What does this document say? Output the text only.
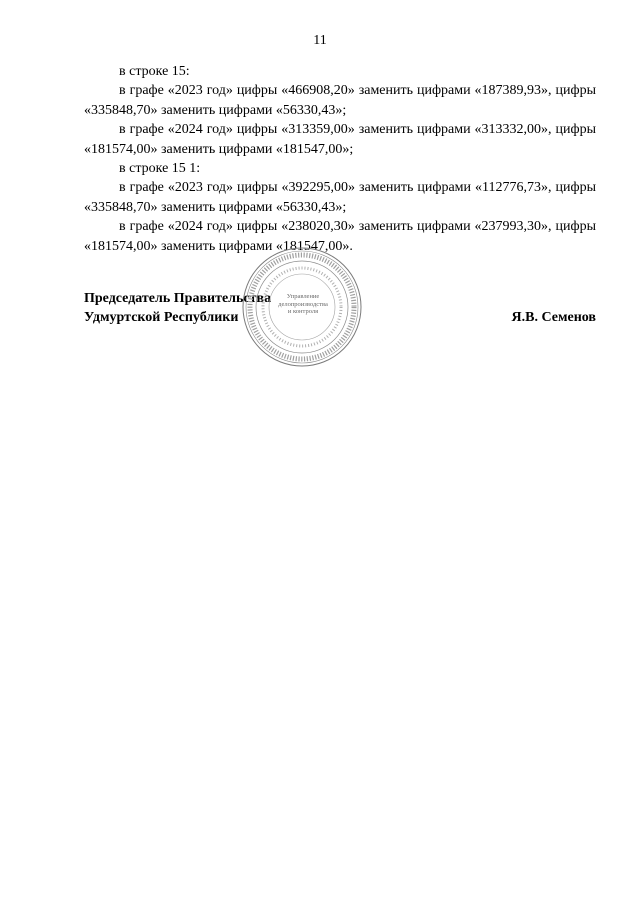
11

в строке 15:

в графе «2023 год» цифры «466908,20» заменить цифрами «187389,93», цифры «335848,70» заменить цифрами «56330,43»;

в графе «2024 год» цифры «313359,00» заменить цифрами «313332,00», цифры «181574,00» заменить цифрами «181547,00»;

в строке 15 1:

в графе «2023 год» цифры «392295,00» заменить цифрами «112776,73», цифры «335848,70» заменить цифрами «56330,43»;

в графе «2024 год» цифры «238020,30» заменить цифрами «237993,30», цифры «181574,00» заменить цифрами «181547,00».

Председатель Правительства
Удмуртской Республики	Я.В. Семенов
Управление
делопроизводства
и контроля
